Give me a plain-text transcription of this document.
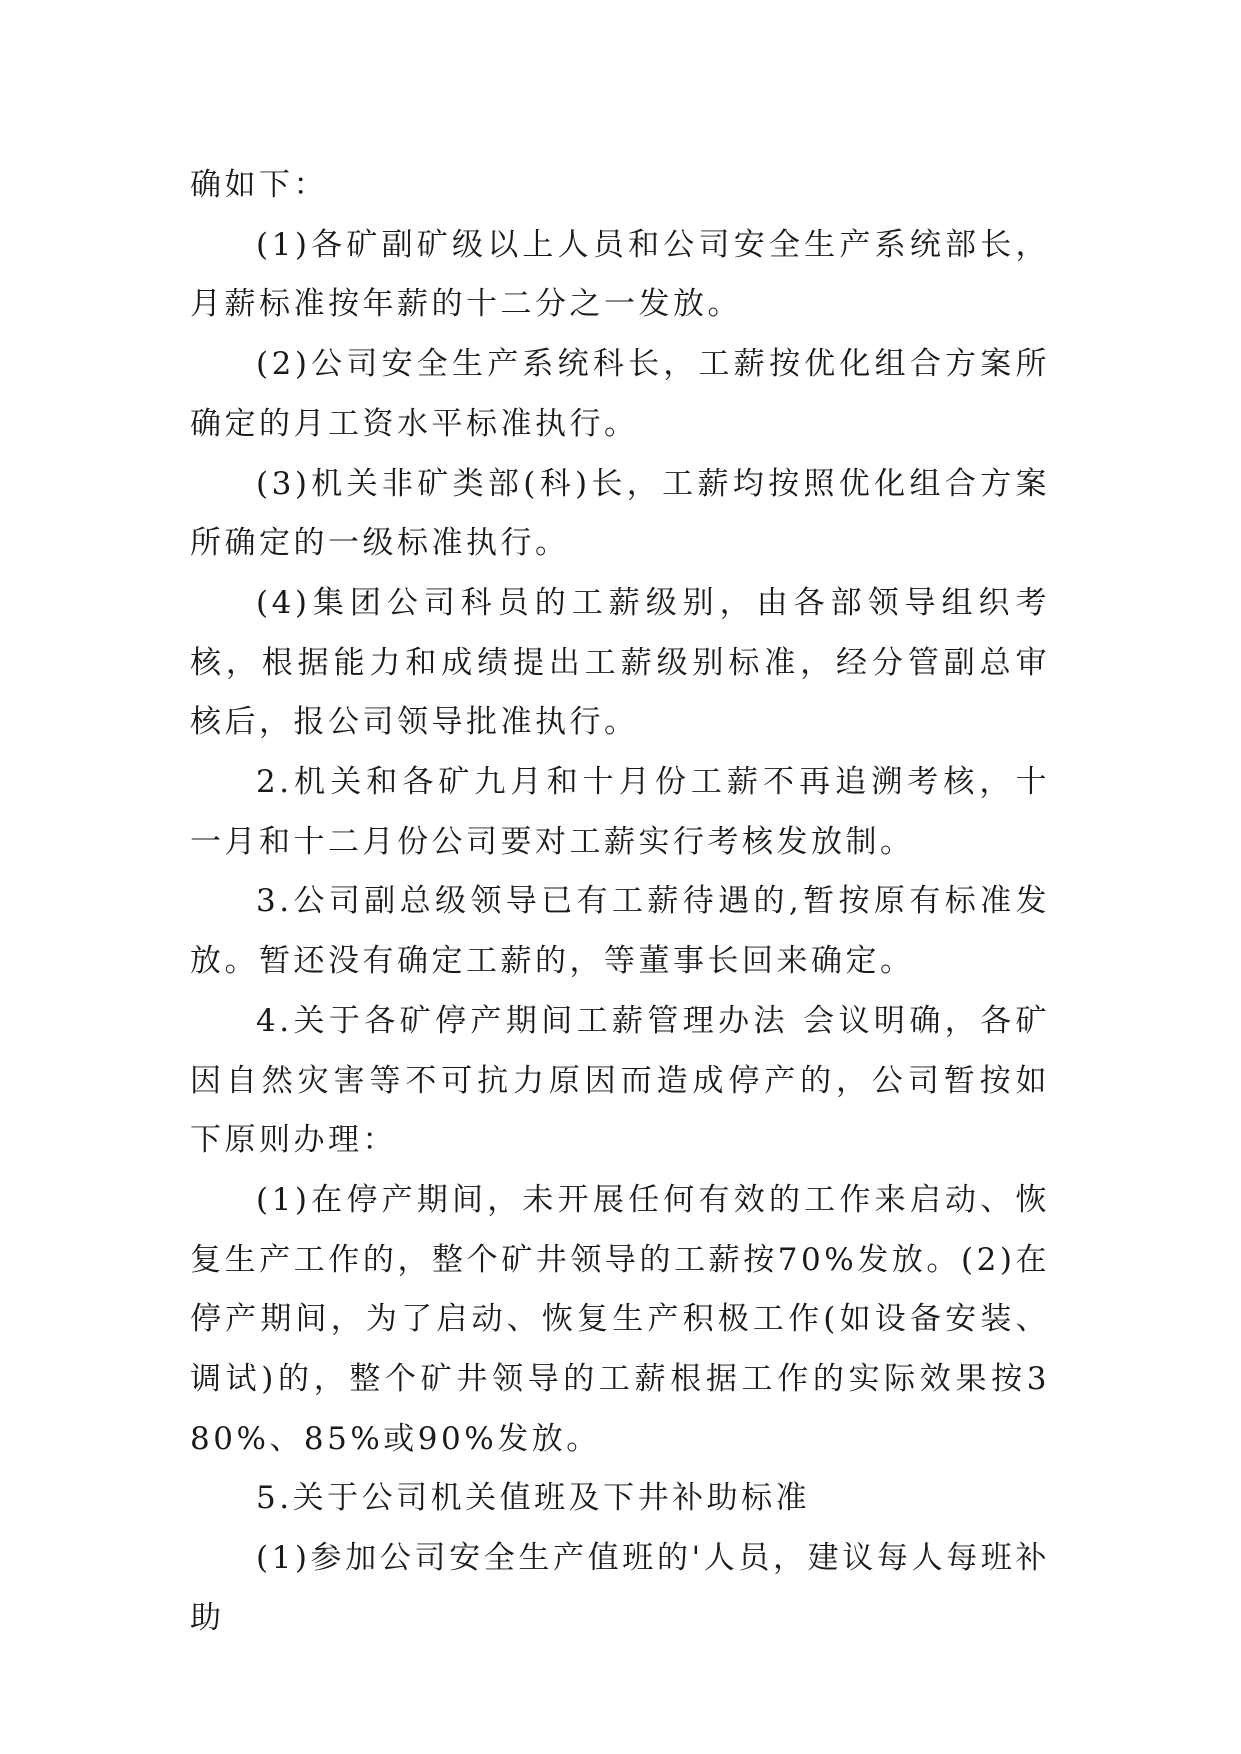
确如下：

(1)各矿副矿级以上人员和公司安全生产系统部长，月薪标准按年薪的十二分之一发放。

(2)公司安全生产系统科长，工薪按优化组合方案所确定的月工资水平标准执行。

(3)机关非矿类部(科)长，工薪均按照优化组合方案所确定的一级标准执行。

(4)集团公司科员的工薪级别，由各部领导组织考核，根据能力和成绩提出工薪级别标准，经分管副总审核后，报公司领导批准执行。

2.机关和各矿九月和十月份工薪不再追溯考核，十一月和十二月份公司要对工薪实行考核发放制。

3.公司副总级领导已有工薪待遇的,暂按原有标准发放。暂还没有确定工薪的，等董事长回来确定。

4.关于各矿停产期间工薪管理办法 会议明确，各矿因自然灾害等不可抗力原因而造成停产的，公司暂按如下原则办理：

(1)在停产期间，未开展任何有效的工作来启动、恢复生产工作的，整个矿井领导的工薪按70%发放。(2)在停产期间，为了启动、恢复生产积极工作(如设备安装、调试)的，整个矿井领导的工薪根据工作的实际效果按3 80%、85%或90%发放。

5.关于公司机关值班及下井补助标准

(1)参加公司安全生产值班的'人员，建议每人每班补助
